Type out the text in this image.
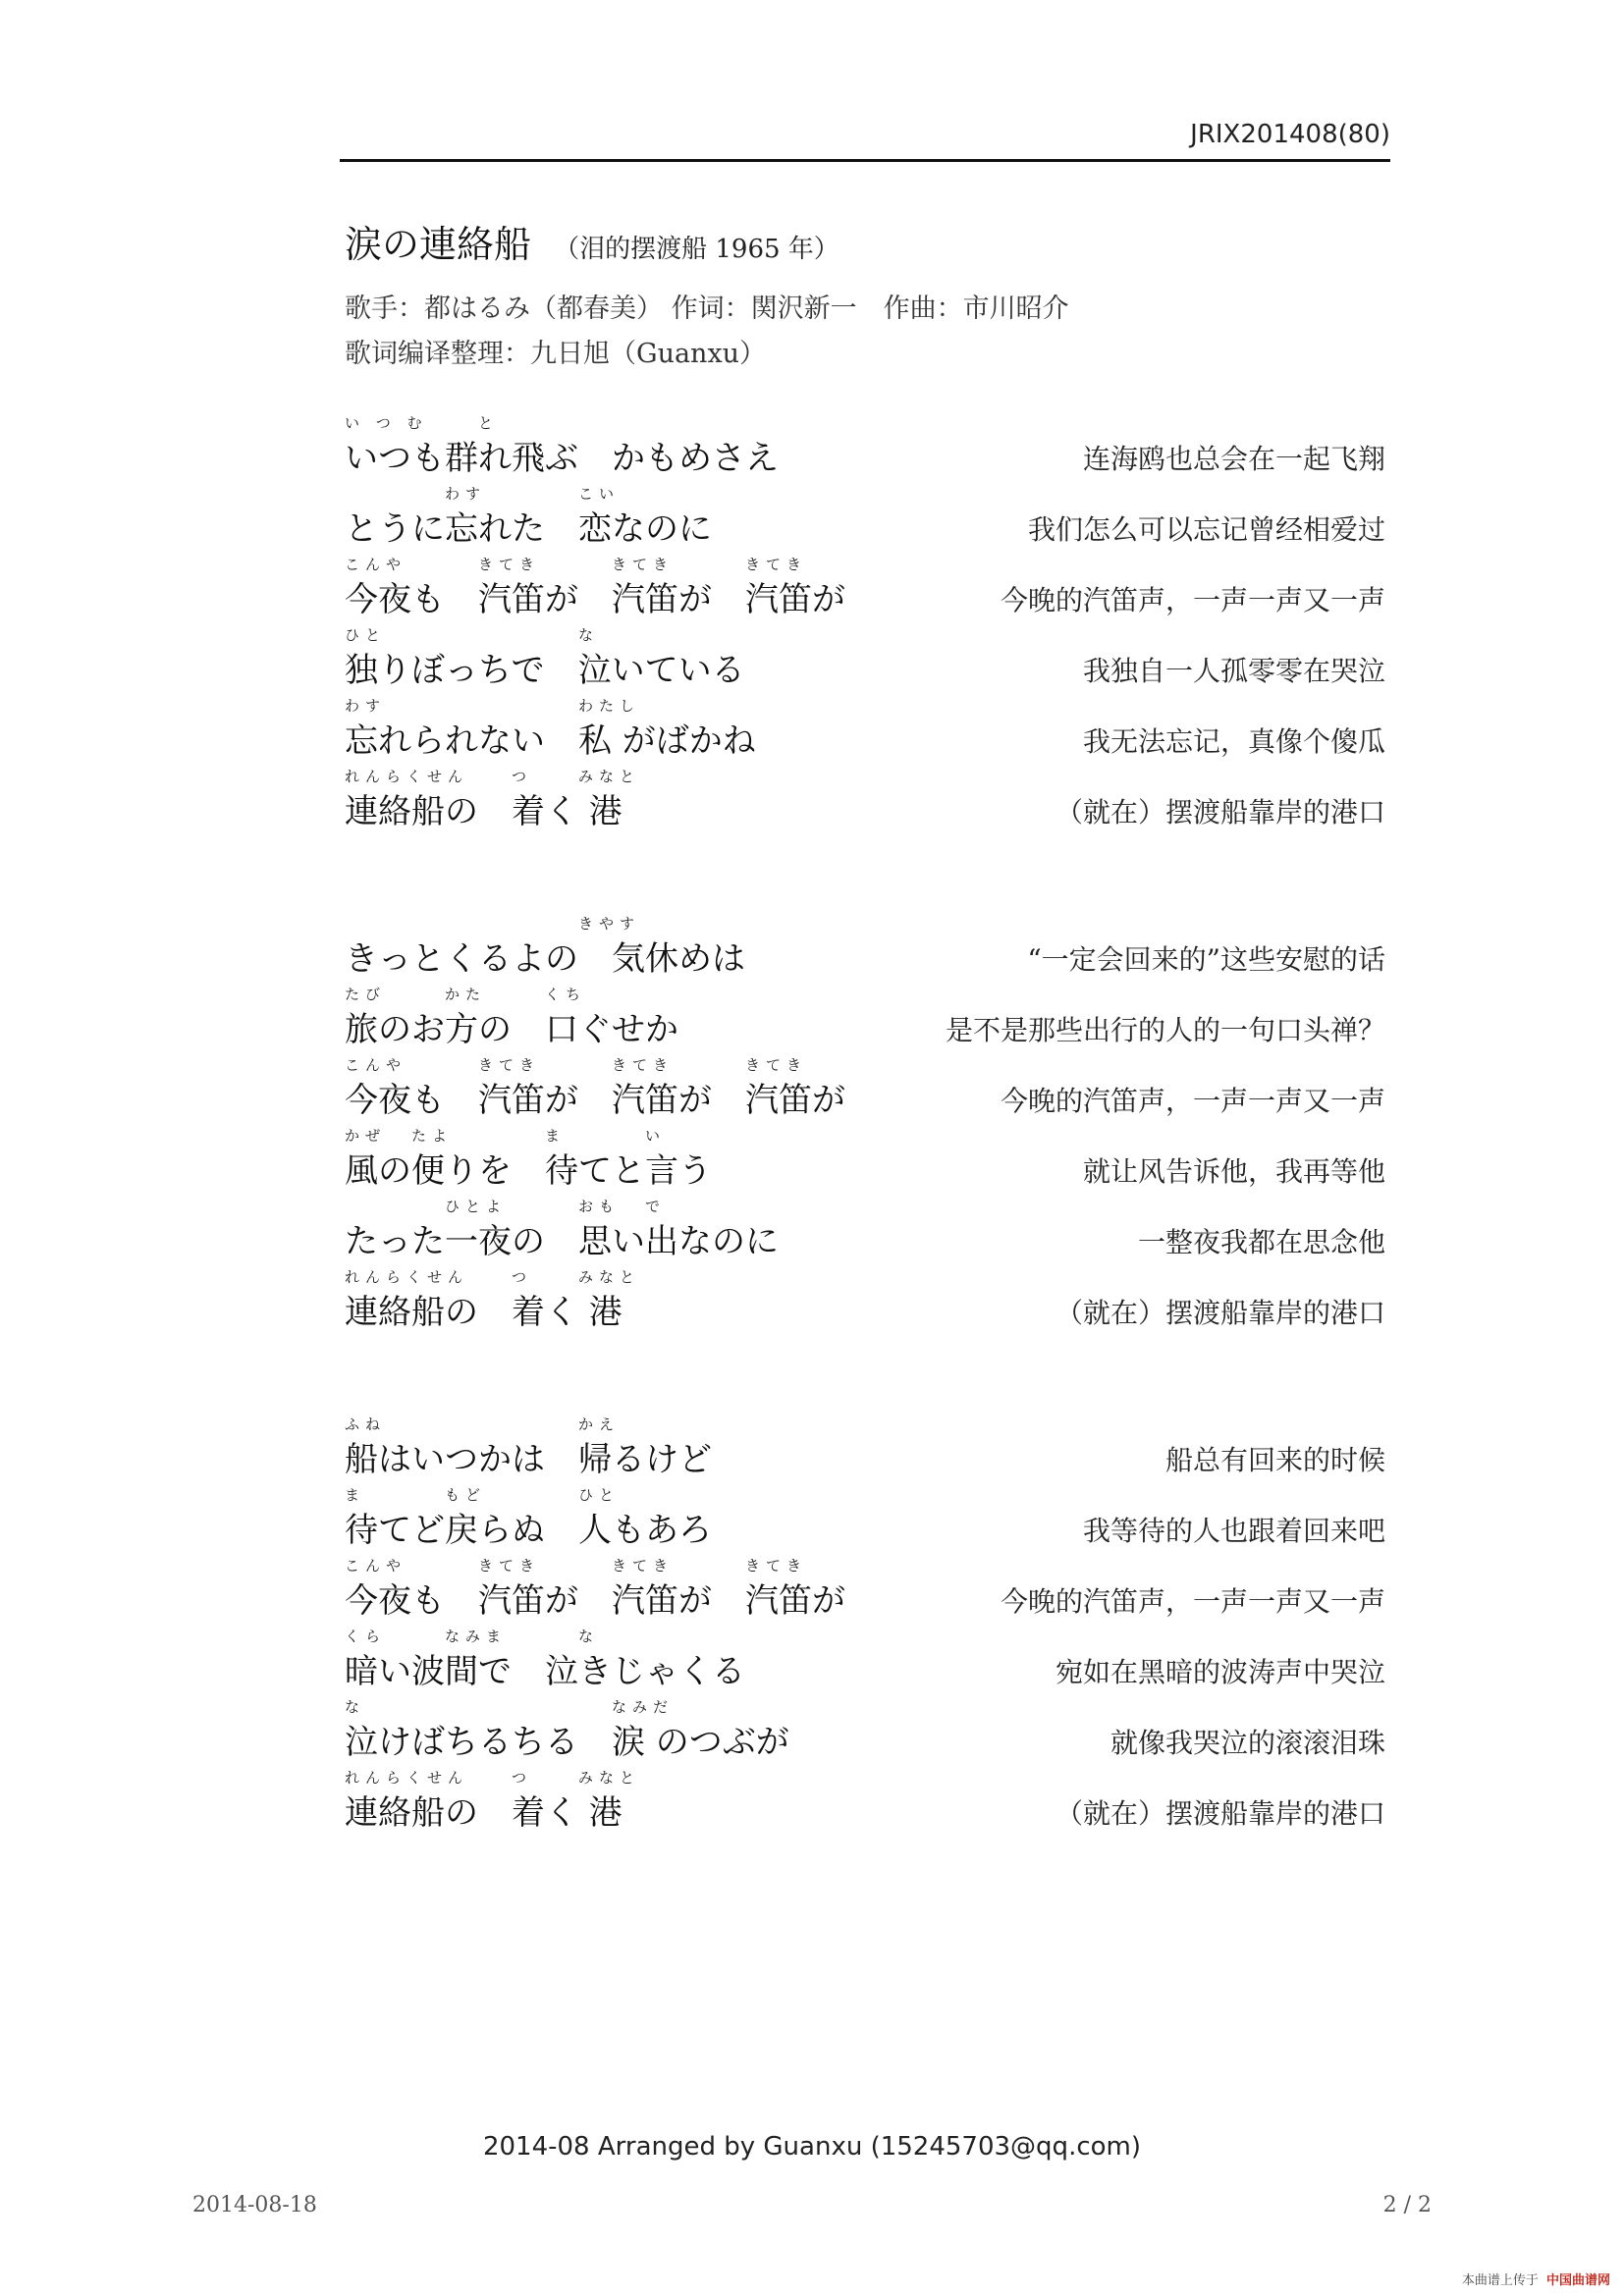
JRIX201408(80)
涙の連絡船 （泪的摆渡船 1965 年）
歌手：都はるみ（都春美） 作词：関沢新一　作曲：市川昭介
歌词编译整理：九日旭（Guanxu）
い つ む	と
いつも群れ飛ぶ　かもめさえ	连海鸥也总会在一起飞翔
わす	こい
とうに忘れた　恋なのに	我们怎么可以忘记曾经相爱过
こんや	きてき	きてき	きてき
今夜も　汽笛が　汽笛が　汽笛が	今晚的汽笛声，一声一声又一声
ひと	な
独りぼっちで　泣いている	我独自一人孤零零在哭泣
わす	わたし
忘れられない　私 がばかね	我无法忘记，真像个傻瓜
れんらくせん	つ	みなと
連絡船の　着く 港	（就在）摆渡船靠岸的港口
きやす
きっとくるよの　気休めは	“一定会回来的”这些安慰的话
たび	かた	くち
旅のお方の　口ぐせか	是不是那些出行的人的一句口头禅？
こんや	きてき	きてき	きてき
今夜も　汽笛が　汽笛が　汽笛が	今晚的汽笛声，一声一声又一声
かぜ たよ	ま	い
風の便りを　待てと言う	就让风告诉他，我再等他
ひとよ	おも で
たった一夜の　思い出なのに	一整夜我都在思念他
れんらくせん	つ	みなと
連絡船の　着く 港	（就在）摆渡船靠岸的港口
ふね	かえ
船はいつかは　帰るけど	船总有回来的时候
ま	もど	ひと
待てど戻らぬ　人もあろ	我等待的人也跟着回来吧
こんや	きてき	きてき	きてき
今夜も　汽笛が　汽笛が　汽笛が	今晚的汽笛声，一声一声又一声
くら	なみま	な
暗い波間で　泣きじゃくる	宛如在黑暗的波涛声中哭泣
な	なみだ
泣けばちるちる　涙 のつぶが	就像我哭泣的滚滚泪珠
れんらくせん	つ	みなと
連絡船の　着く 港	（就在）摆渡船靠岸的港口
2014-08 Arranged by Guanxu (15245703@qq.com)
2014-08-18	2 / 2
本曲谱上传于 中国曲谱网
